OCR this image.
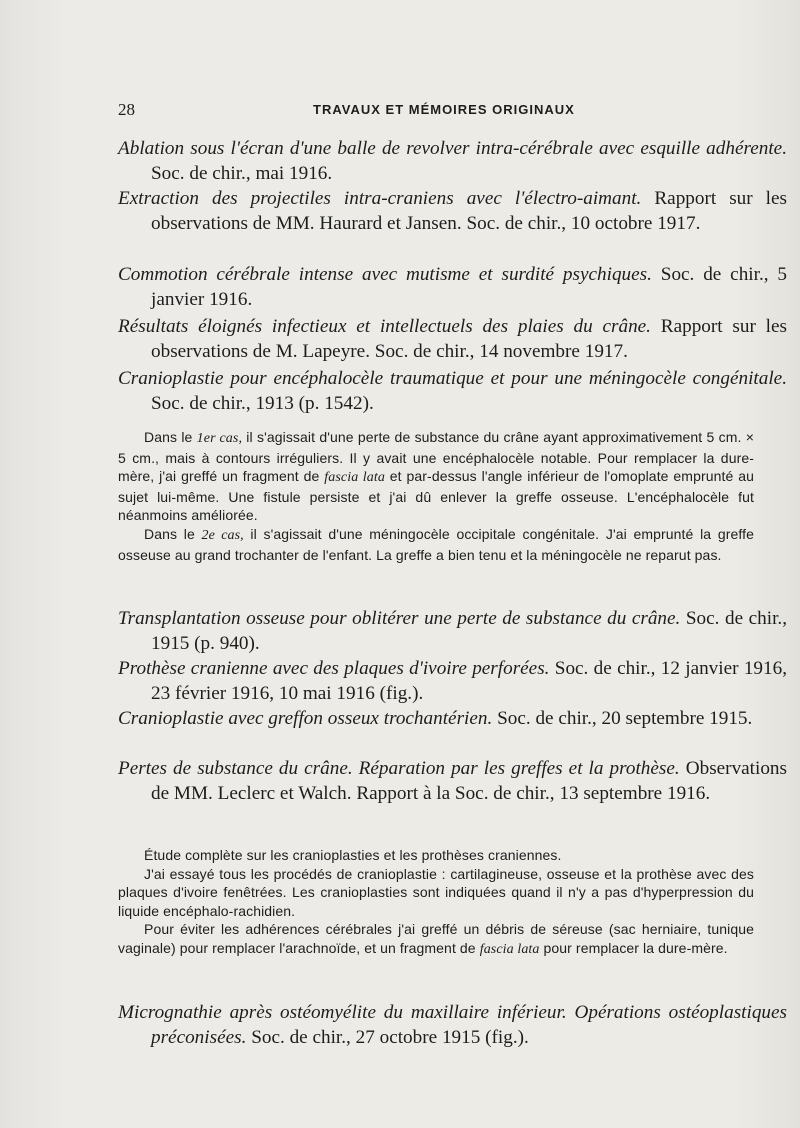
28	TRAVAUX ET MÉMOIRES ORIGINAUX
Ablation sous l'écran d'une balle de revolver intra-cérébrale avec esquille adhérente. Soc. de chir., mai 1916.
Extraction des projectiles intra-craniens avec l'électro-aimant. Rapport sur les observations de MM. Haurard et Jansen. Soc. de chir., 10 octobre 1917.
Commotion cérébrale intense avec mutisme et surdité psychiques. Soc. de chir., 5 janvier 1916.
Résultats éloignés infectieux et intellectuels des plaies du crâne. Rapport sur les observations de M. Lapeyre. Soc. de chir., 14 novembre 1917.
Cranioplastie pour encéphalocèle traumatique et pour une méningocèle congénitale. Soc. de chir., 1913 (p. 1542).

Dans le 1er cas, il s'agissait d'une perte de substance du crâne ayant approximativement 5 cm. × 5 cm., mais à contours irréguliers. Il y avait une encéphalocèle notable. Pour remplacer la dure-mère, j'ai greffé un fragment de fascia lata et par-dessus l'angle inférieur de l'omoplate emprunté au sujet lui-même. Une fistule persiste et j'ai dû enlever la greffe osseuse. L'encéphalocèle fut néanmoins améliorée.

Dans le 2e cas, il s'agissait d'une méningocèle occipitale congénitale. J'ai emprunté la greffe osseuse au grand trochanter de l'enfant. La greffe a bien tenu et la méningocèle ne reparut pas.

Transplantation osseuse pour oblitérer une perte de substance du crâne. Soc. de chir., 1915 (p. 940).
Prothèse cranienne avec des plaques d'ivoire perforées. Soc. de chir., 12 janvier 1916, 23 février 1916, 10 mai 1916 (fig.).
Cranioplastie avec greffon osseux trochantérien. Soc. de chir., 20 septembre 1915.
Pertes de substance du crâne. Réparation par les greffes et la prothèse. Observations de MM. Leclerc et Walch. Rapport à la Soc. de chir., 13 septembre 1916.

Étude complète sur les cranioplasties et les prothèses craniennes.

J'ai essayé tous les procédés de cranioplastie : cartilagineuse, osseuse et la prothèse avec des plaques d'ivoire fenêtrées. Les cranioplasties sont indiquées quand il n'y a pas d'hyperpression du liquide encéphalo-rachidien.

Pour éviter les adhérences cérébrales j'ai greffé un débris de séreuse (sac herniaire, tunique vaginale) pour remplacer l'arachnoïde, et un fragment de fascia lata pour remplacer la dure-mère.

Micrognathie après ostéomyélite du maxillaire inférieur. Opérations ostéoplastiques préconisées. Soc. de chir., 27 octobre 1915 (fig.).
